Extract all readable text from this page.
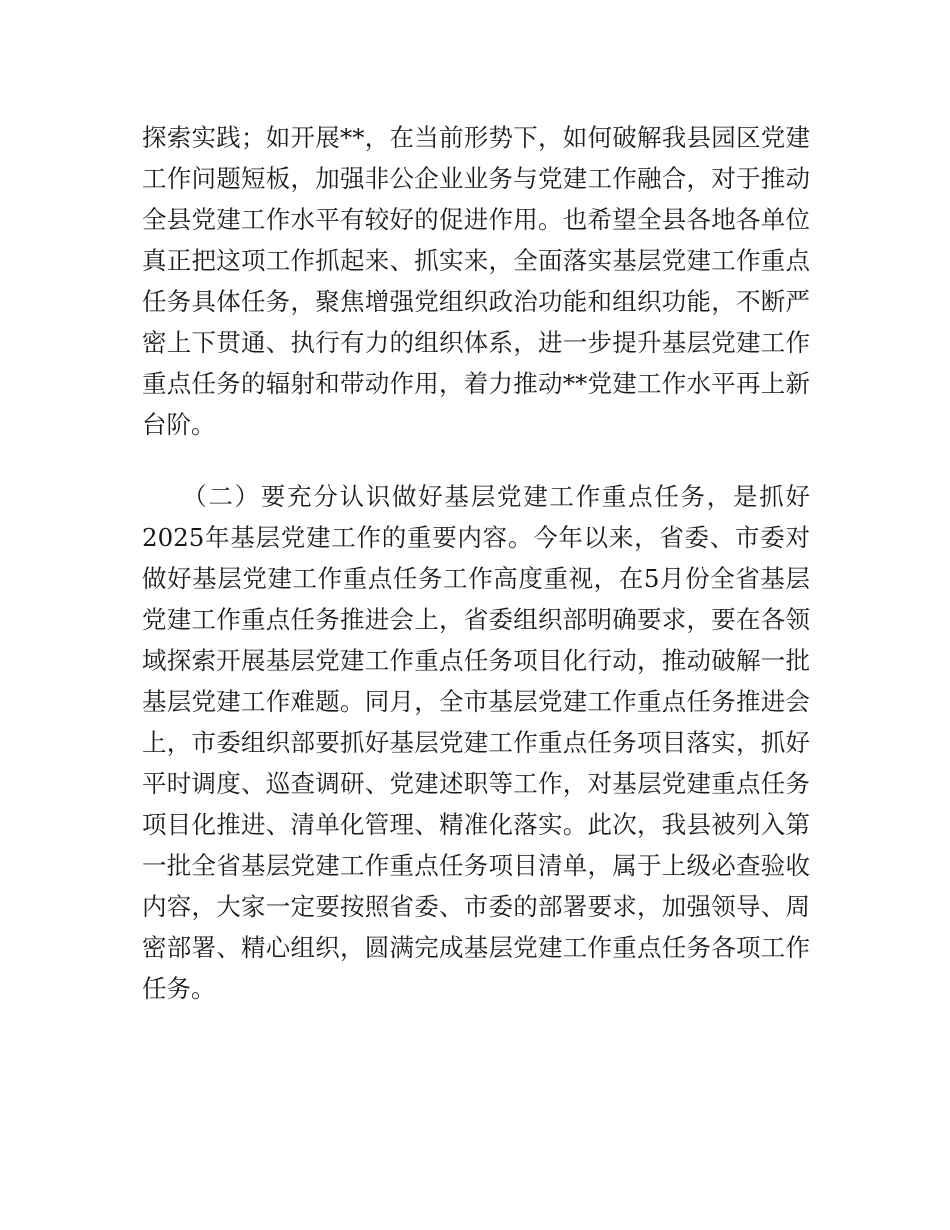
探索实践；如开展**，在当前形势下，如何破解我县园区党建
工作问题短板，加强非公企业业务与党建工作融合，对于推动
全县党建工作水平有较好的促进作用。也希望全县各地各单位
真正把这项工作抓起来、抓实来，全面落实基层党建工作重点
任务具体任务，聚焦增强党组织政治功能和组织功能，不断严
密上下贯通、执行有力的组织体系，进一步提升基层党建工作
重点任务的辐射和带动作用，着力推动**党建工作水平再上新
台阶。
　　（二）要充分认识做好基层党建工作重点任务，是抓好
2025年基层党建工作的重要内容。今年以来，省委、市委对
做好基层党建工作重点任务工作高度重视，在5月份全省基层
党建工作重点任务推进会上，省委组织部明确要求，要在各领
域探索开展基层党建工作重点任务项目化行动，推动破解一批
基层党建工作难题。同月，全市基层党建工作重点任务推进会
上，市委组织部要抓好基层党建工作重点任务项目落实，抓好
平时调度、巡查调研、党建述职等工作，对基层党建重点任务
项目化推进、清单化管理、精准化落实。此次，我县被列入第
一批全省基层党建工作重点任务项目清单，属于上级必查验收
内容，大家一定要按照省委、市委的部署要求，加强领导、周
密部署、精心组织，圆满完成基层党建工作重点任务各项工作
任务。
